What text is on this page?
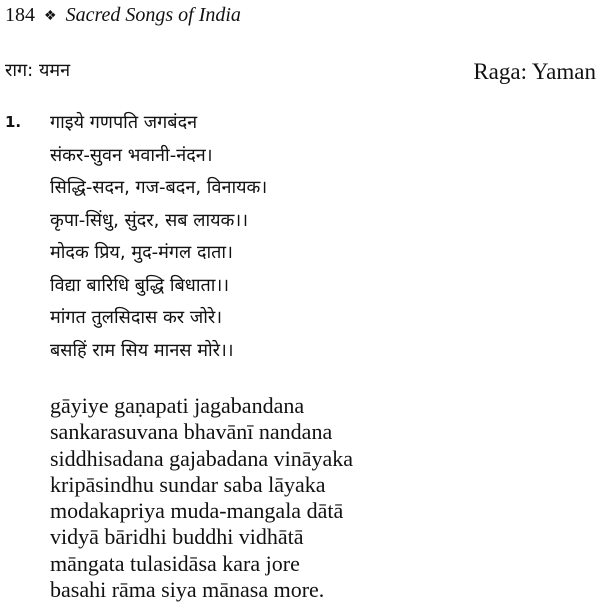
184 ❖ Sacred Songs of India
राग: यमन	Raga: Yaman
1. गाइये गणपति जगबंदन
संकर-सुवन भवानी-नंदन।
सिद्धि-सदन, गज-बदन, विनायक।
कृपा-सिंधु, सुंदर, सब लायक।।
मोदक प्रिय, मुद-मंगल दाता।
विद्या बारिधि बुद्धि बिधाता।।
मांगत तुलसिदास कर जोरे।
बसहिं राम सिय मानस मोरे।।
gāyiye gaṇapati jagabandana
sankarasuvana bhavānī nandana
siddhisadana gajabadana vināyaka
kripāsindhu sundar saba lāyaka
modakapriya muda-mangala dātā
vidyā bāridhi buddhi vidhātā
māngata tulasidāsa kara jore
basahi rāma siya mānasa more.
